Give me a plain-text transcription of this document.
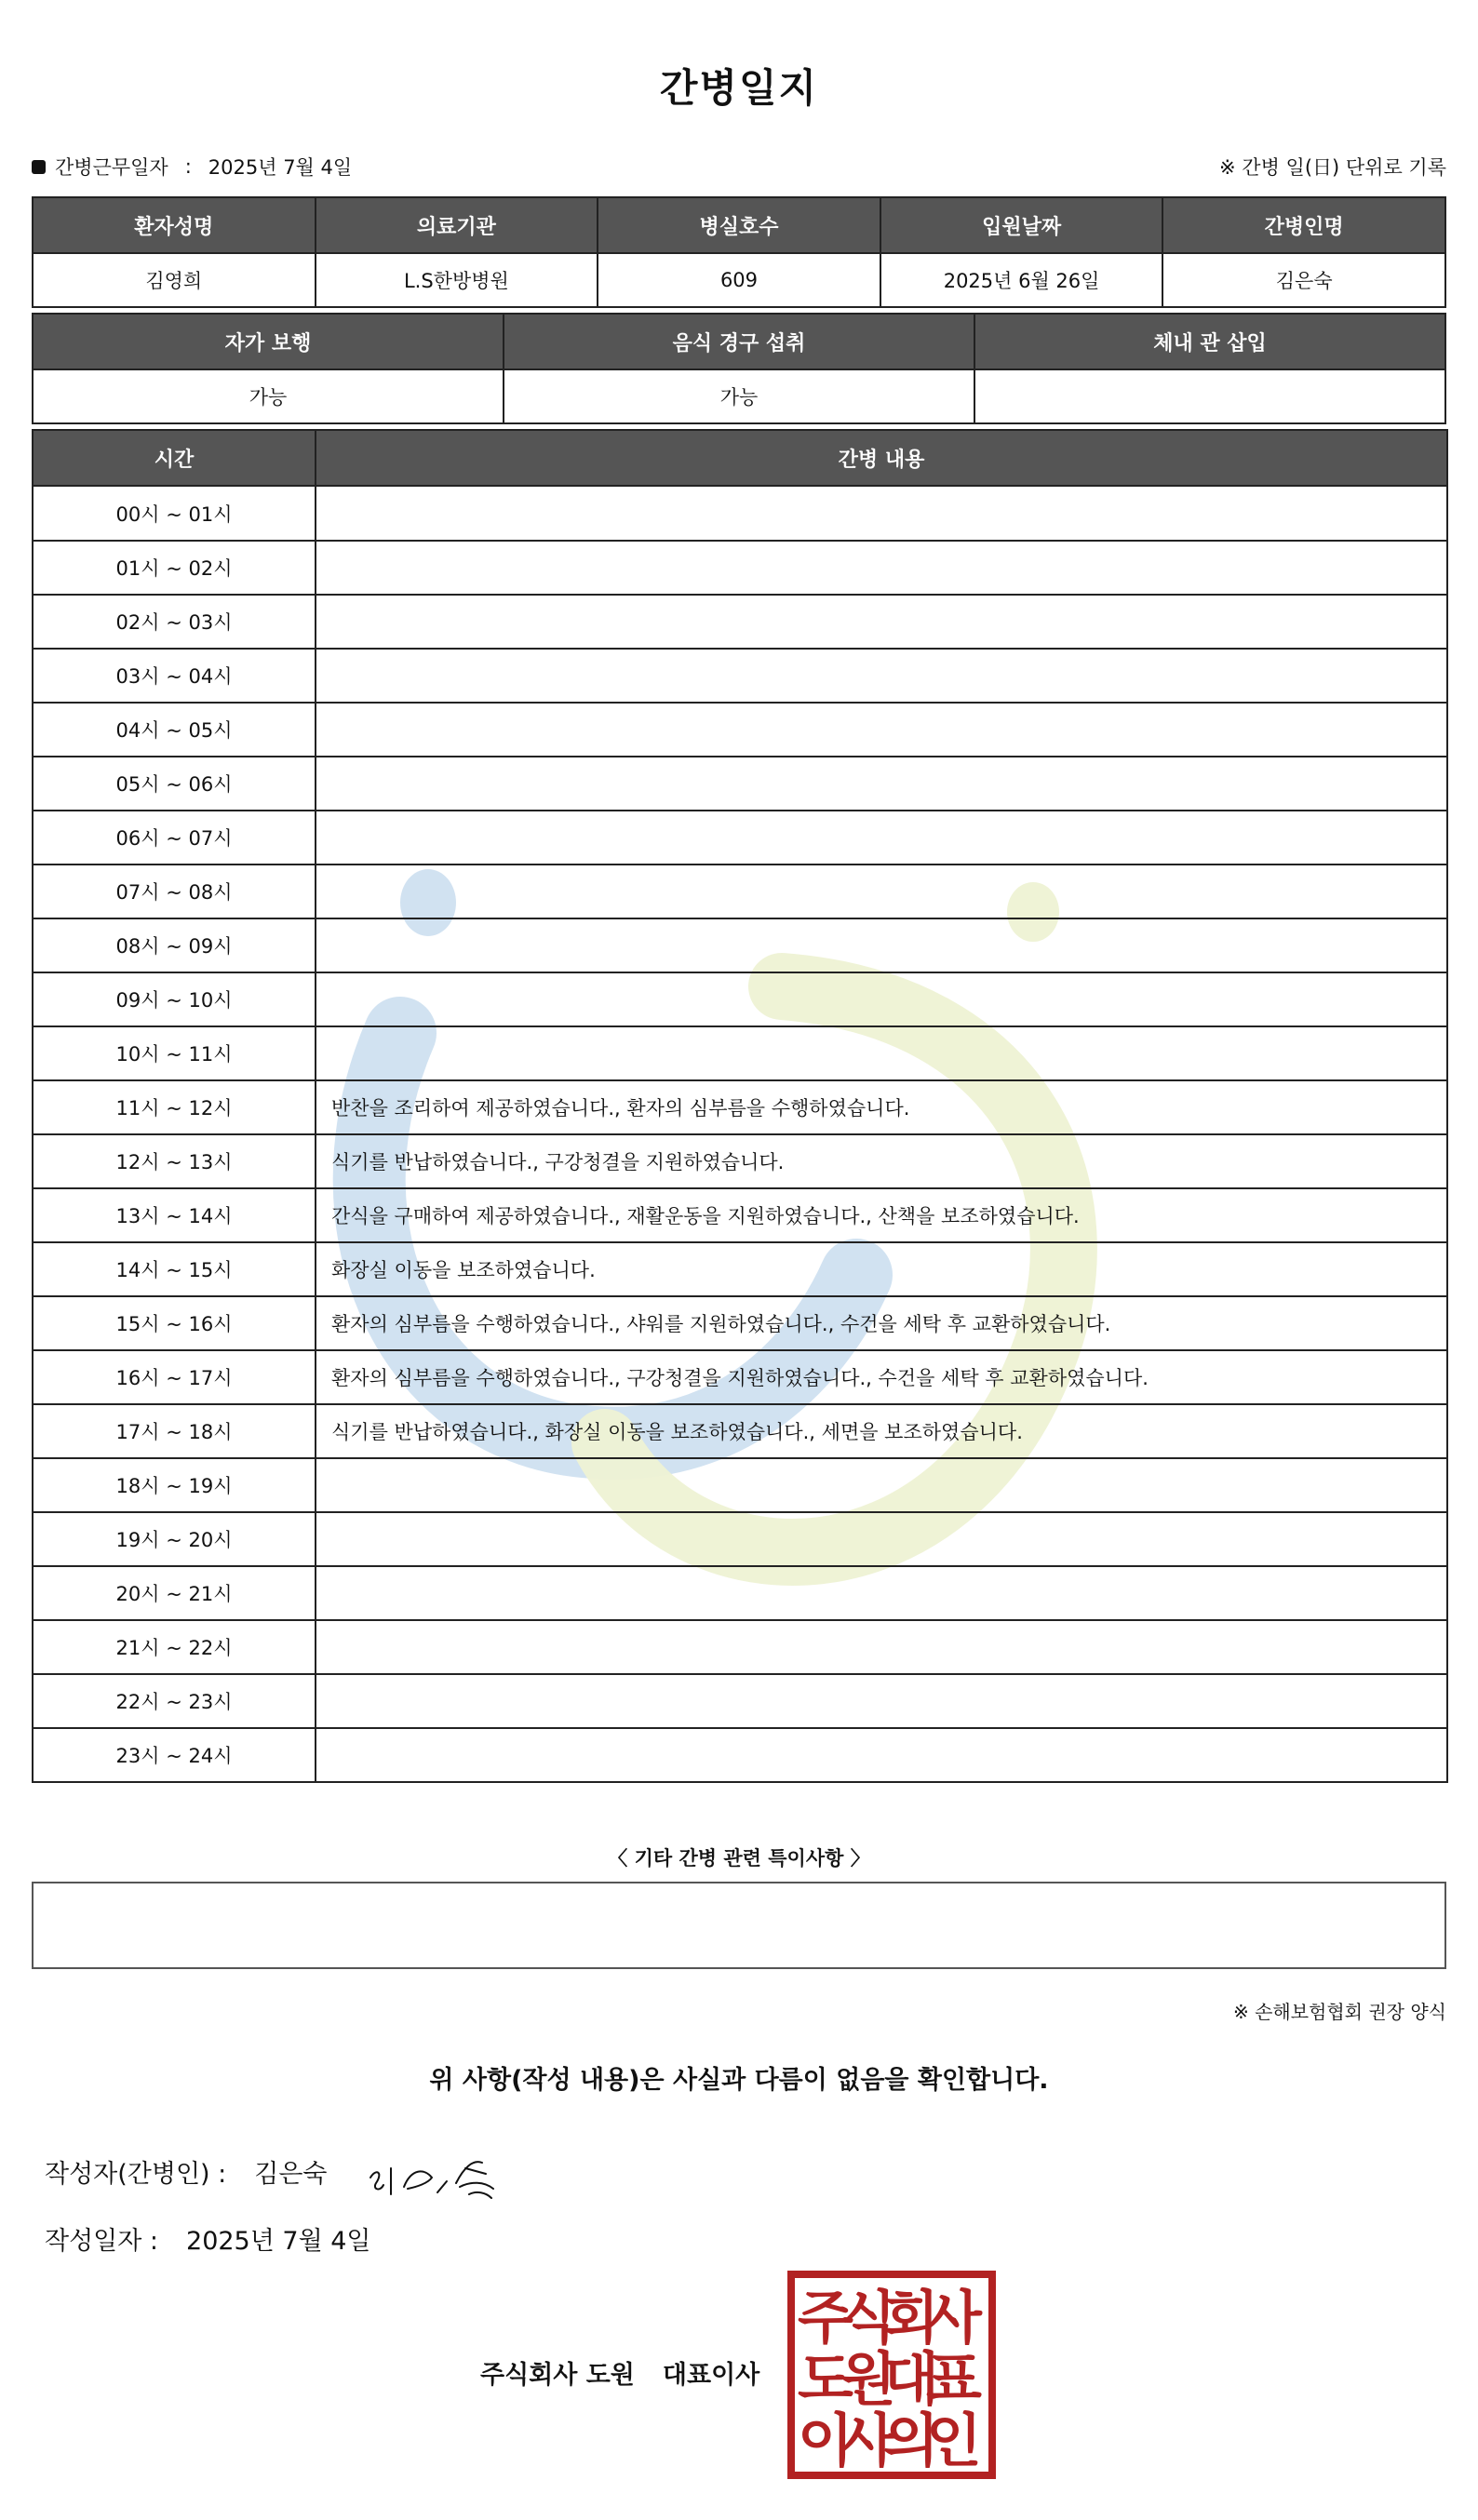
간병일지
간병근무일자 : 2025년 7월 4일	※ 간병 일(日) 단위로 기록
환자성명	의료기관	병실호수	입원날짜	간병인명
김영희	L.S한방병원	609	2025년 6월 26일	김은숙
자가 보행	음식 경구 섭취	체내 관 삽입
가능	가능	
시간	간병 내용
00시 ~ 01시	
01시 ~ 02시	
02시 ~ 03시	
03시 ~ 04시	
04시 ~ 05시	
05시 ~ 06시	
06시 ~ 07시	
07시 ~ 08시	
08시 ~ 09시	
09시 ~ 10시	
10시 ~ 11시	
11시 ~ 12시	반찬을 조리하여 제공하였습니다., 환자의 심부름을 수행하였습니다.
12시 ~ 13시	식기를 반납하였습니다., 구강청결을 지원하였습니다.
13시 ~ 14시	간식을 구매하여 제공하였습니다., 재활운동을 지원하였습니다., 산책을 보조하였습니다.
14시 ~ 15시	화장실 이동을 보조하였습니다.
15시 ~ 16시	환자의 심부름을 수행하였습니다., 샤워를 지원하였습니다., 수건을 세탁 후 교환하였습니다.
16시 ~ 17시	환자의 심부름을 수행하였습니다., 구강청결을 지원하였습니다., 수건을 세탁 후 교환하였습니다.
17시 ~ 18시	식기를 반납하였습니다., 화장실 이동을 보조하였습니다., 세면을 보조하였습니다.
18시 ~ 19시	
19시 ~ 20시	
20시 ~ 21시	
21시 ~ 22시	
22시 ~ 23시	
23시 ~ 24시	
〈 기타 간병 관련 특이사항 〉
※ 손해보험협회 권장 양식
위 사항(작성 내용)은 사실과 다름이 없음을 확인합니다.
작성자(간병인) : 김은숙
작성일자 : 2025년 7월 4일
주식회사 도원 대표이사
주
식
회
사
도
원
대
표
이
사
의
인
